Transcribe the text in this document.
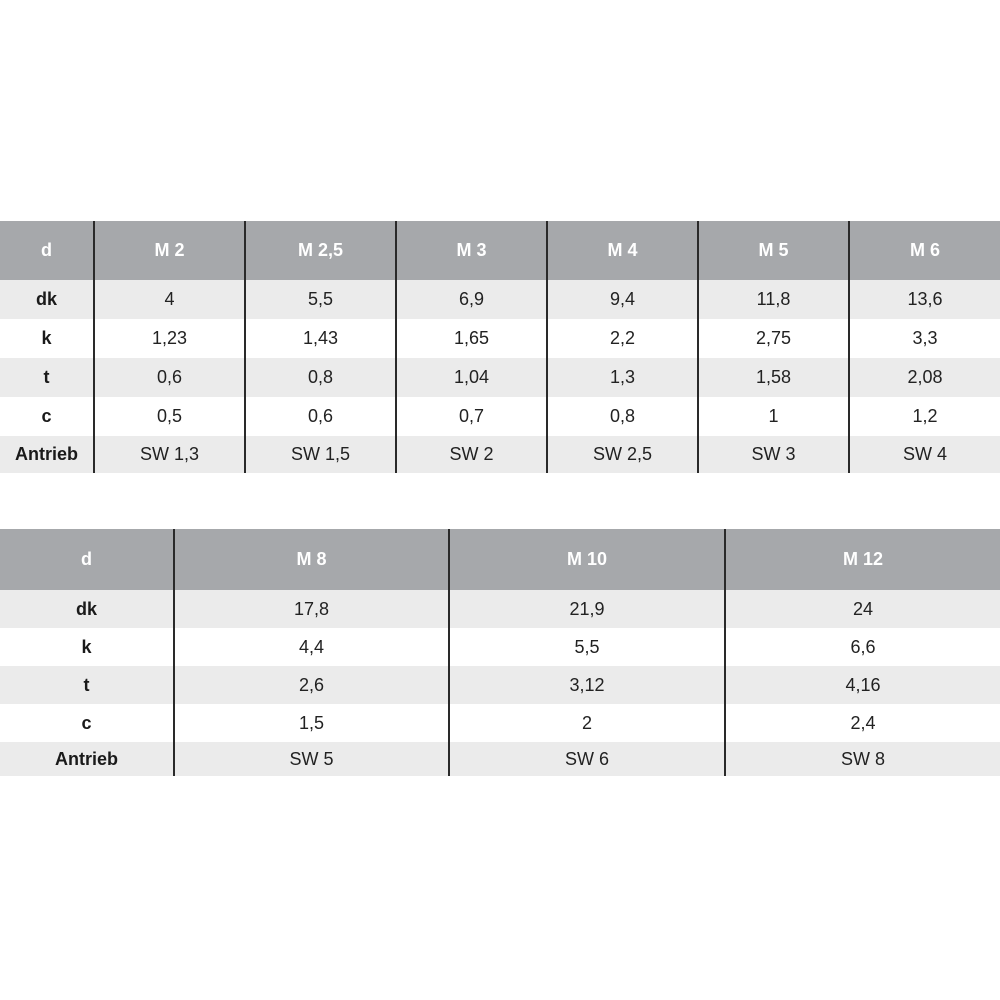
d	M 2	M 2,5	M 3	M 4	M 5	M 6
dk	4	5,5	6,9	9,4	11,8	13,6
k	1,23	1,43	1,65	2,2	2,75	3,3
t	0,6	0,8	1,04	1,3	1,58	2,08
c	0,5	0,6	0,7	0,8	1	1,2
Antrieb	SW 1,3	SW 1,5	SW 2	SW 2,5	SW 3	SW 4
d	M 8	M 10	M 12
dk	17,8	21,9	24
k	4,4	5,5	6,6
t	2,6	3,12	4,16
c	1,5	2	2,4
Antrieb	SW 5	SW 6	SW 8
